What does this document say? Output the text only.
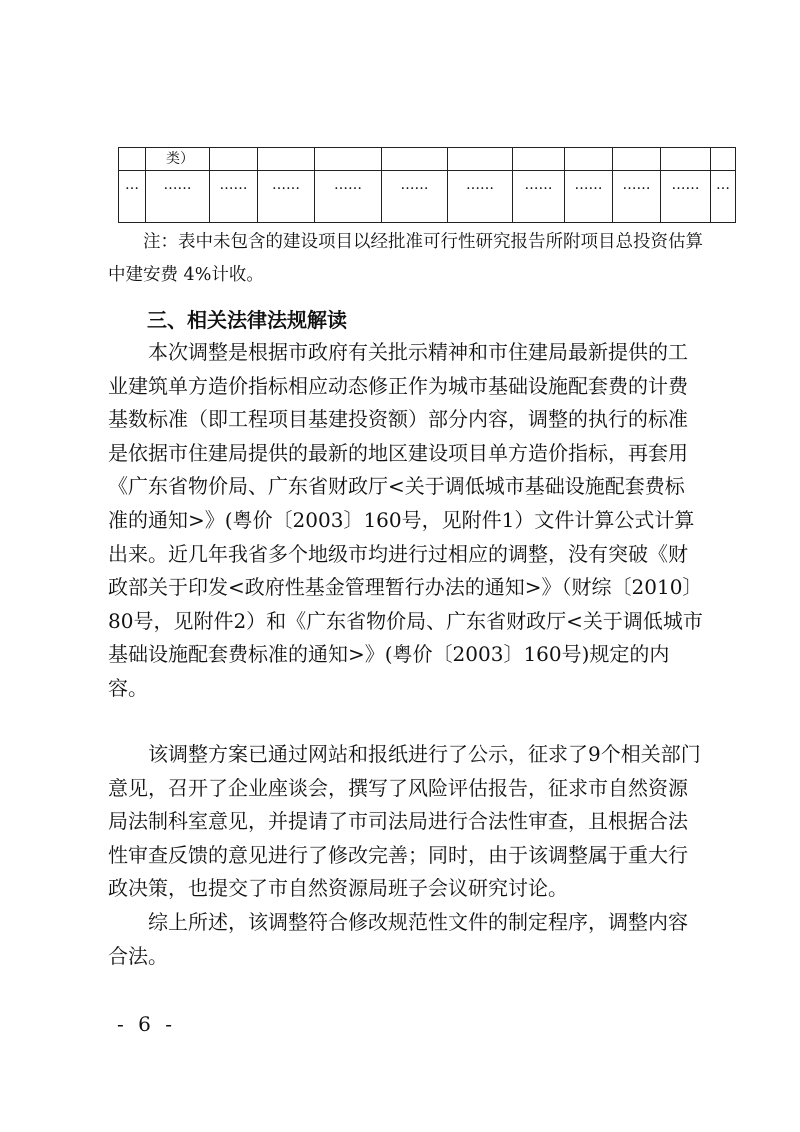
	类）										
…	……	……	……	……	……	……	……	……	……	……	…

注：表中未包含的建设项目以经批准可行性研究报告所附项目总投资估算中建安费 4%计收。

三、相关法律法规解读

本次调整是根据市政府有关批示精神和市住建局最新提供的工业建筑单方造价指标相应动态修正作为城市基础设施配套费的计费基数标准（即工程项目基建投资额）部分内容，调整的执行的标准是依据市住建局提供的最新的地区建设项目单方造价指标，再套用《广东省物价局、广东省财政厅<关于调低城市基础设施配套费标准的通知>》(粤价〔2003〕160号，见附件1）文件计算公式计算出来。近几年我省多个地级市均进行过相应的调整，没有突破《财政部关于印发<政府性基金管理暂行办法的通知>》（财综〔2010〕80号，见附件2）和《广东省物价局、广东省财政厅<关于调低城市基础设施配套费标准的通知>》(粤价〔2003〕160号)规定的内容。

该调整方案已通过网站和报纸进行了公示，征求了9个相关部门意见，召开了企业座谈会，撰写了风险评估报告，征求市自然资源局法制科室意见，并提请了市司法局进行合法性审查，且根据合法性审查反馈的意见进行了修改完善；同时，由于该调整属于重大行政决策，也提交了市自然资源局班子会议研究讨论。

综上所述，该调整符合修改规范性文件的制定程序，调整内容合法。

- 6 -
